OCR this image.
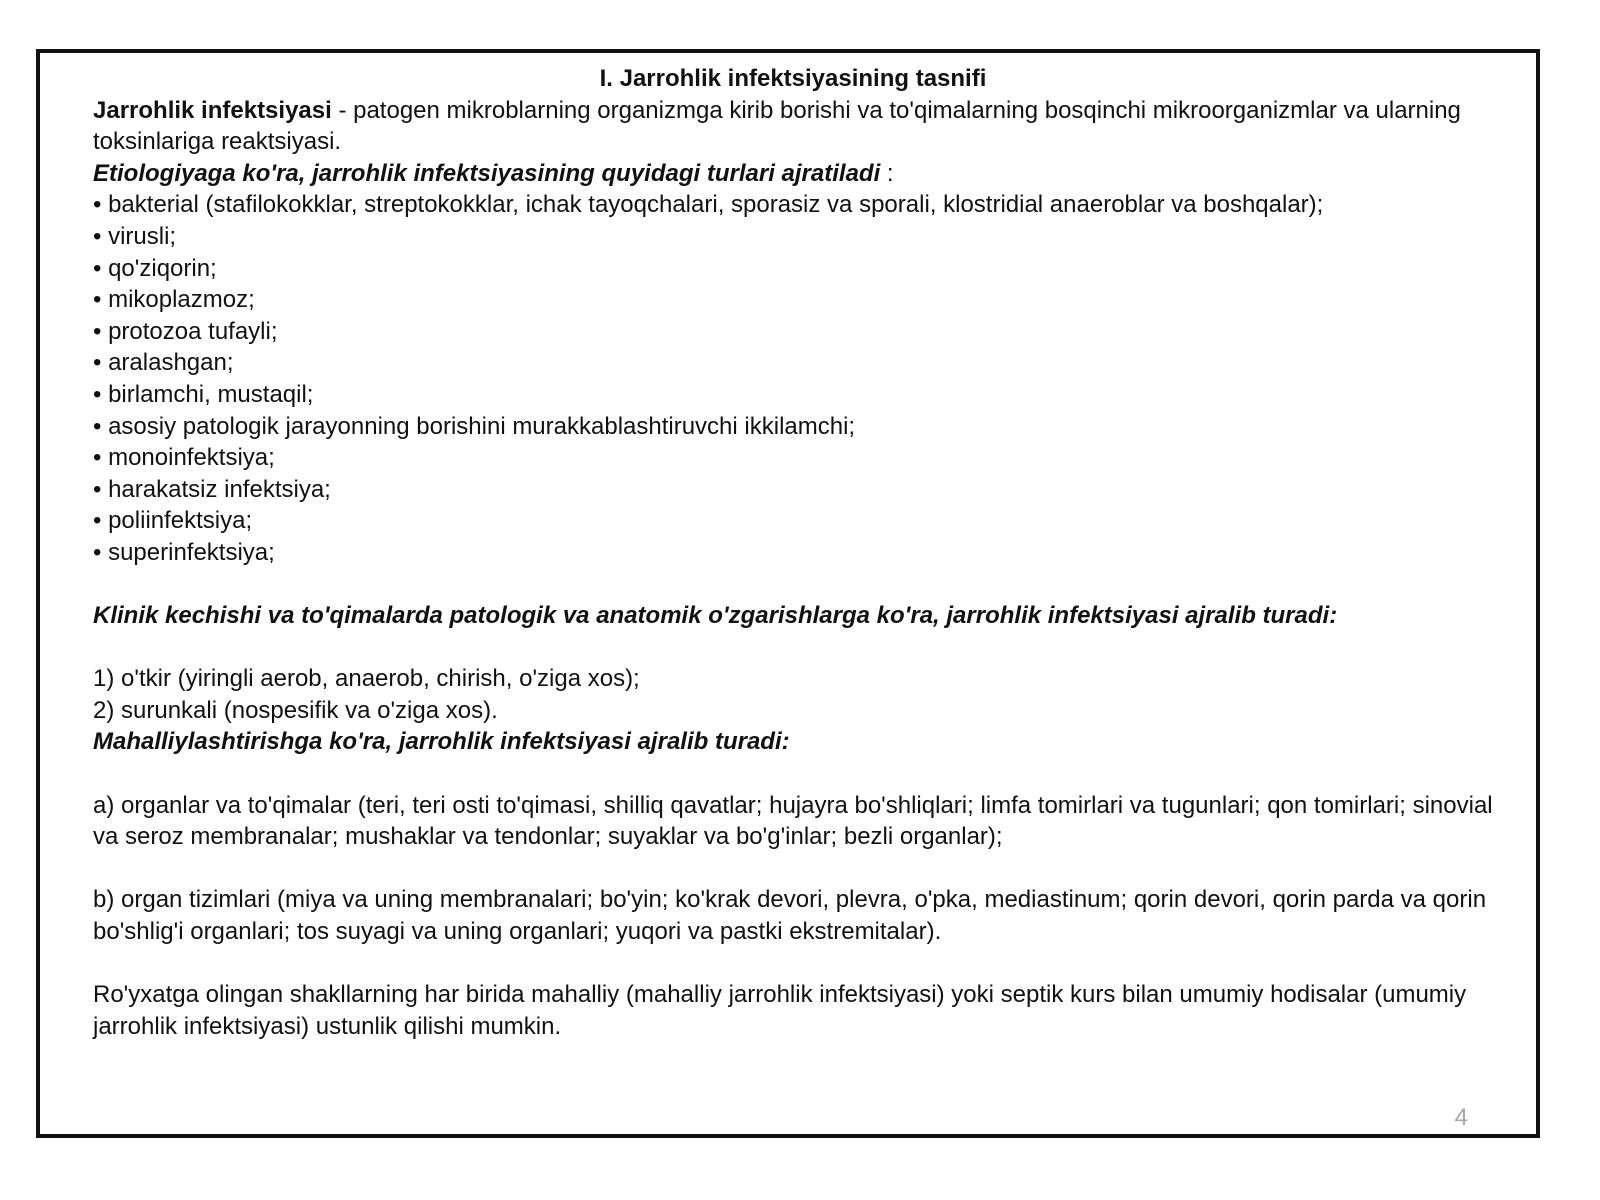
I. Jarrohlik infektsiyasining tasnifi

Jarrohlik infektsiyasi - patogen mikroblarning organizmga kirib borishi va to'qimalarning bosqinchi mikroorganizmlar va ularning toksinlariga reaktsiyasi.

Etiologiyaga ko'ra, jarrohlik infektsiyasining quyidagi turlari ajratiladi :

• bakterial (stafilokokklar, streptokokklar, ichak tayoqchalari, sporasiz va sporali, klostridial anaeroblar va boshqalar);
• virusli;
• qo'ziqorin;
• mikoplazmoz;
• protozoa tufayli;
• aralashgan;
• birlamchi, mustaqil;
• asosiy patologik jarayonning borishini murakkablashtiruvchi ikkilamchi;
• monoinfektsiya;
• harakatsiz infektsiya;
• poliinfektsiya;
• superinfektsiya;

Klinik kechishi va to'qimalarda patologik va anatomik o'zgarishlarga ko'ra, jarrohlik infektsiyasi ajralib turadi:

1) o'tkir (yiringli aerob, anaerob, chirish, o'ziga xos);

2) surunkali (nospesifik va o'ziga xos).

Mahalliylashtirishga ko'ra, jarrohlik infektsiyasi ajralib turadi:

a) organlar va to'qimalar (teri, teri osti to'qimasi, shilliq qavatlar; hujayra bo'shliqlari; limfa tomirlari va tugunlari; qon tomirlari; sinovial va seroz membranalar; mushaklar va tendonlar; suyaklar va bo'g'inlar; bezli organlar);

b) organ tizimlari (miya va uning membranalari; bo'yin; ko'krak devori, plevra, o'pka, mediastinum; qorin devori, qorin parda va qorin bo'shlig'i organlari; tos suyagi va uning organlari; yuqori va pastki ekstremitalar).

Ro'yxatga olingan shakllarning har birida mahalliy (mahalliy jarrohlik infektsiyasi) yoki septik kurs bilan umumiy hodisalar (umumiy jarrohlik infektsiyasi) ustunlik qilishi mumkin.

4
